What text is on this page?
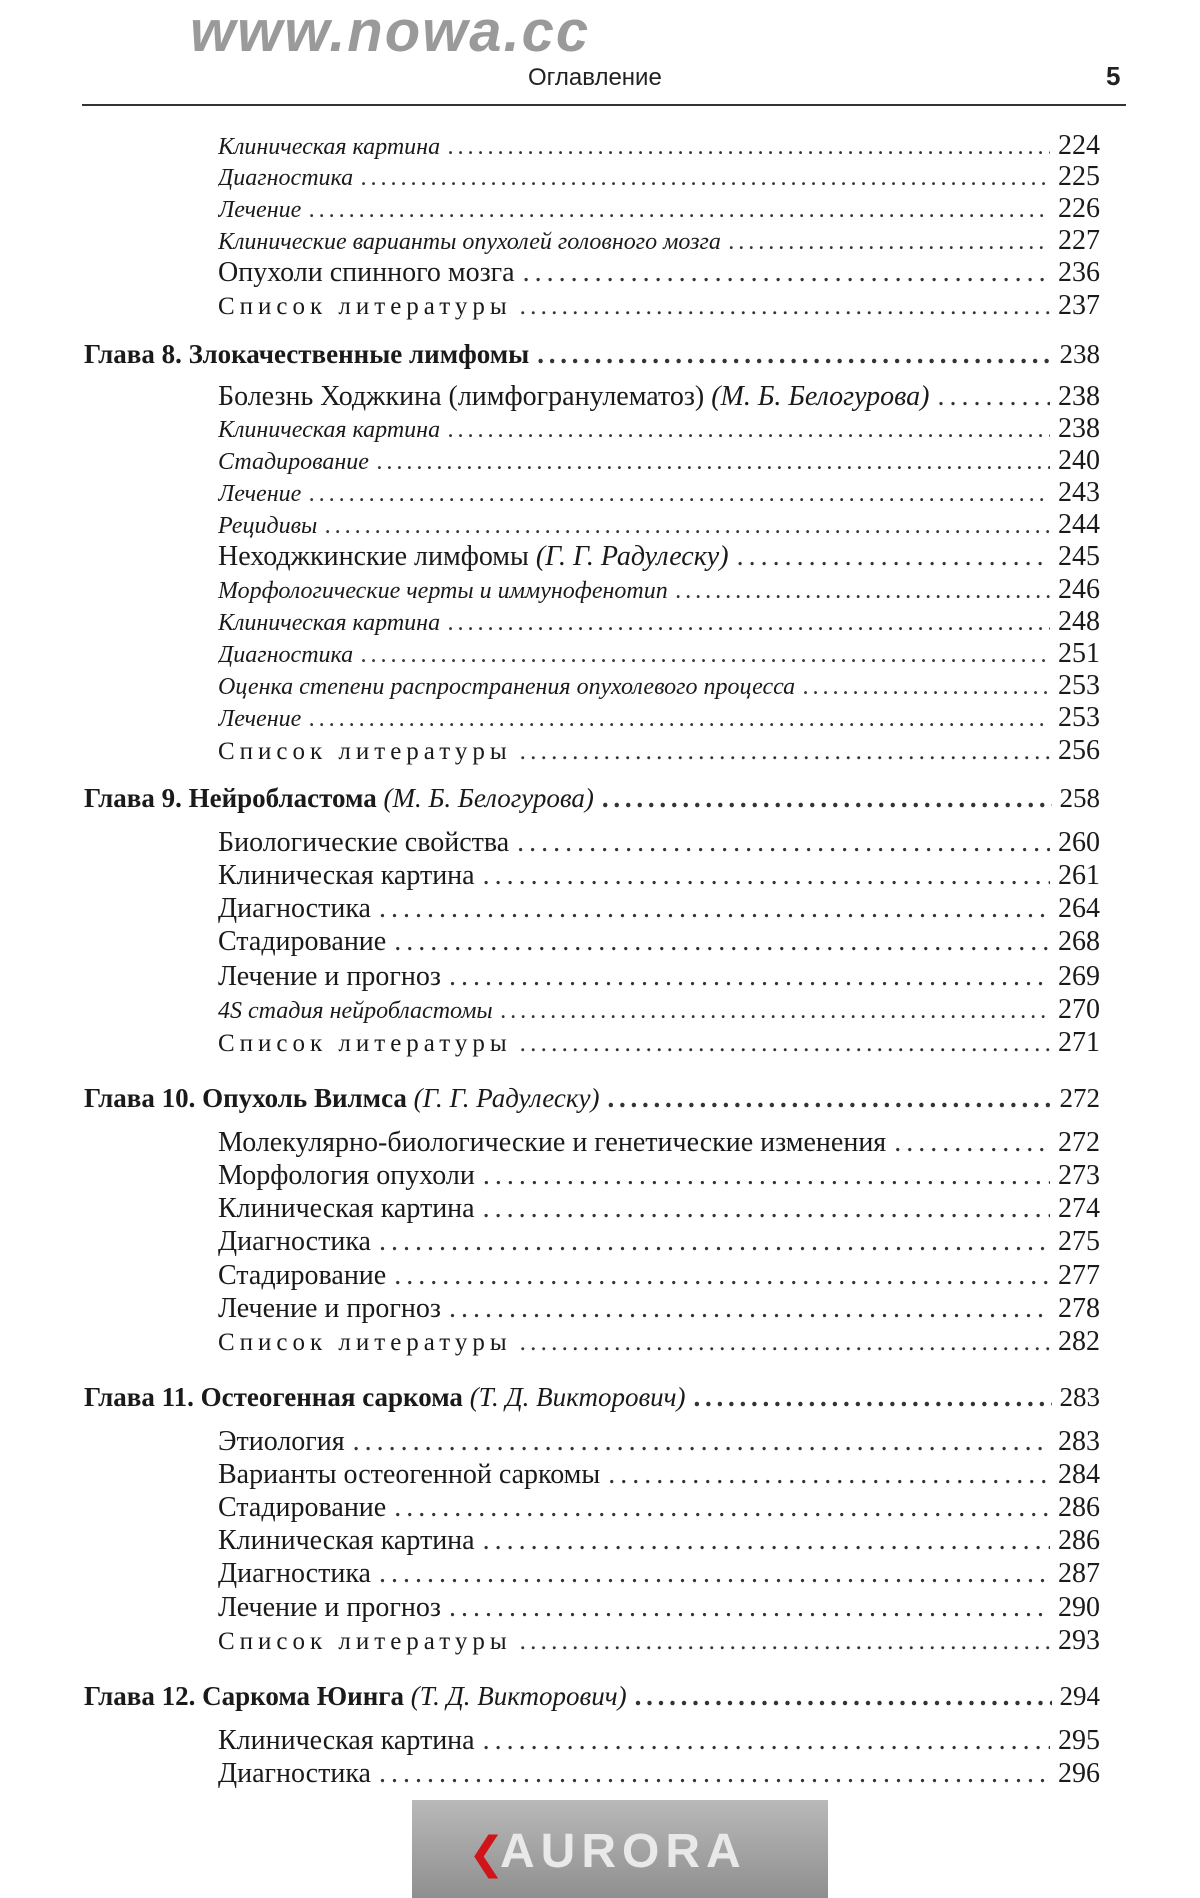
www.nowa.cc
Оглавление	5
Клиническая картина . . .	224
Диагностика . . .	225
Лечение . . .	226
Клинические варианты опухолей головного мозга . . .	227
Опухоли спинного мозга . . .	236
Список литературы . . .	237
Глава 8. Злокачественные лимфомы . . .	238
Болезнь Ходжкина (лимфогранулематоз) (М. Б. Белогурова) . . .	238
Клиническая картина . . .	238
Стадирование . . .	240
Лечение . . .	243
Рецидивы . . .	244
Неходжкинские лимфомы (Г. Г. Радулеску) . . .	245
Морфологические черты и иммунофенотип . . .	246
Клиническая картина . . .	248
Диагностика . . .	251
Оценка степени распространения опухолевого процесса . . .	253
Лечение . . .	253
Список литературы . . .	256
Глава 9. Нейробластома (М. Б. Белогурова) . . .	258
Биологические свойства . . .	260
Клиническая картина . . .	261
Диагностика . . .	264
Стадирование . . .	268
Лечение и прогноз . . .	269
4S стадия нейробластомы . . .	270
Список литературы . . .	271
Глава 10. Опухоль Вилмса (Г. Г. Радулеску) . . .	272
Молекулярно-биологические и генетические изменения . . .	272
Морфология опухоли . . .	273
Клиническая картина . . .	274
Диагностика . . .	275
Стадирование . . .	277
Лечение и прогноз . . .	278
Список литературы . . .	282
Глава 11. Остеогенная саркома (Т. Д. Викторович) . . .	283
Этиология . . .	283
Варианты остеогенной саркомы . . .	284
Стадирование . . .	286
Клиническая картина . . .	286
Диагностика . . .	287
Лечение и прогноз . . .	290
Список литературы . . .	293
Глава 12. Саркома Юинга (Т. Д. Викторович) . . .	294
Клиническая картина . . .	295
Диагностика . . .	296
❮
AURORA
